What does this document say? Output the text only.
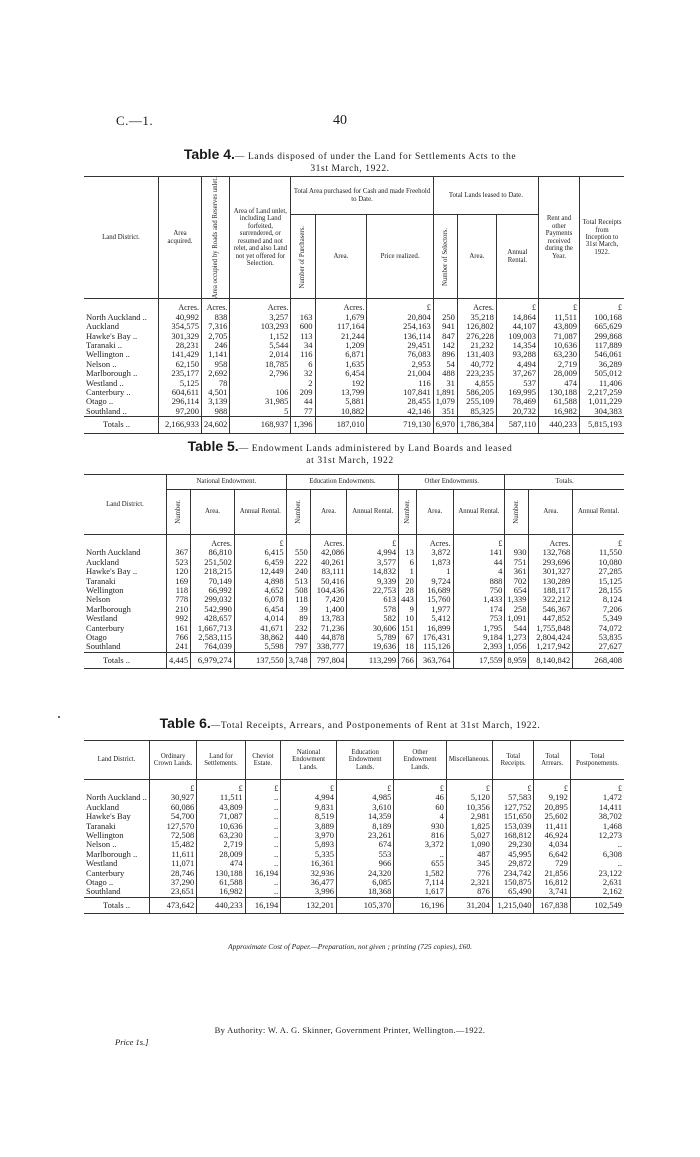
C.—1.	40
Table 4.— Lands disposed of under the Land for Settlements Acts to the
31st March, 1922.
Land District.	Area acquired.	Area occupied by Roads and Reserves unlet.	Area of Land unlet, including Land forfeited, surrendered, or resumed and not relet, and also Land not yet offered for Selection.	Total Area purchased for Cash and made Freehold to Date.			Total Lands leased to Date.			Rent and other Payments received during the Year.	Total Receipts from Inception to 31st March, 1922.

				Number of Purchasers.	Area.	Price realized.	Number of Selectors.	Area.	Annual Rental.		
	Acres.	Acres.	Acres.		Acres.	£		Acres.	£	£	£
North Auckland ..	40,992	838	3,257	163	1,679	20,804	250	35,218	14,864	11,511	100,168
Auckland	354,575	7,316	103,293	600	117,164	254,163	941	126,802	44,107	43,809	665,629
Hawke's Bay ..	301,329	2,705	1,152	113	21,244	136,114	847	276,228	109,003	71,087	299,868
Taranaki ..	28,231	246	5,544	34	1,209	29,451	142	21,232	14,354	10,636	117,889
Wellington ..	141,429	1,141	2,014	116	6,871	76,083	896	131,403	93,288	63,230	546,061
Nelson ..	62,150	958	18,785	6	1,635	2,953	54	40,772	4,494	2,719	36,289
Marlborough ..	235,177	2,692	2,796	32	6,454	21,004	488	223,235	37,267	28,009	505,012
Westland ..	5,125	78		2	192	116	31	4,855	537	474	11,406
Canterbury ..	604,611	4,501	106	209	13,799	107,841	1,891	586,205	169,995	130,188	2,217,259
Otago ..	296,114	3,139	31,985	44	5,881	28,455	1,079	255,109	78,469	61,588	1,011,229
Southland ..	97,200	988	5	77	10,882	42,146	351	85,325	20,732	16,982	304,383
  Totals ..	2,166,933	24,602	168,937	1,396	187,010	719,130	6,970	1,786,384	587,110	440,233	5,815,193
Table 5.— Endowment Lands administered by Land Boards and leased
at 31st March, 1922
Land District.	National Endowment.			Education Endowments.			Other Endowments.			Totals.		

	Number.	Area.	Annual Rental.	Number.	Area.	Annual Rental.	Number.	Area.	Annual Rental.	Number.	Area.	Annual Rental.
		Acres.	£		Acres.	£		Acres.	£		Acres.	£
North Auckland	367	86,810	6,415	550	42,086	4,994	13	3,872	141	930	132,768	11,550
Auckland	523	251,502	6,459	222	40,261	3,577	6	1,873	44	751	293,696	10,080
Hawke's Bay ..	120	218,215	12,449	240	83,111	14,832	1	1	4	361	301,327	27,285
Taranaki	169	70,149	4,898	513	50,416	9,339	20	9,724	888	702	130,289	15,125
Wellington	118	66,992	4,652	508	104,436	22,753	28	16,689	750	654	188,117	28,155
Nelson	778	299,032	6,078	118	7,420	613	443	15,760	1,433	1,339	322,212	8,124
Marlborough	210	542,990	6,454	39	1,400	578	9	1,977	174	258	546,367	7,206
Westland	992	428,657	4,014	89	13,783	582	10	5,412	753	1,091	447,852	5,349
Canterbury	161	1,667,713	41,671	232	71,236	30,606	151	16,899	1,795	544	1,755,848	74,072
Otago	766	2,583,115	38,862	440	44,878	5,789	67	176,431	9,184	1,273	2,804,424	53,835
Southland	241	764,039	5,598	797	338,777	19,636	18	115,126	2,393	1,056	1,217,942	27,627
  Totals ..	4,445	6,979,274	137,550	3,748	797,804	113,299	766	363,764	17,559	8,959	8,140,842	268,408
Table 6.—Total Receipts, Arrears, and Postponements of Rent at 31st March, 1922.
Land District.	Ordinary Crown Lands.	Land for Settlements.	Cheviot Estate.	National Endowment Lands.	Education Endowment Lands.	Other Endowment Lands.	Miscellaneous.	Total Receipts.	Total Arrears.	Total Postponements.
	£	£	£	£	£	£	£	£	£	£
North Auckland ..	30,927	11,511	..	4,994	4,985	46	5,120	57,583	9,192	1,472
Auckland	60,086	43,809	..	9,831	3,610	60	10,356	127,752	20,895	14,411
Hawke's Bay	54,700	71,087	..	8,519	14,359	4	2,981	151,650	25,602	38,702
Taranaki	127,570	10,636	..	3,889	8,189	930	1,825	153,039	11,411	1,468
Wellington	72,508	63,230	..	3,970	23,261	816	5,027	168,812	46,924	12,273
Nelson ..	15,482	2,719	..	5,893	674	3,372	1,090	29,230	4,034	..
Marlborough ..	11,611	28,009	..	5,335	553	..	487	45,995	6,642	6,308
Westland	11,071	474	..	16,361	966	655	345	29,872	729	..
Canterbury	28,746	130,188	16,194	32,936	24,320	1,582	776	234,742	21,856	23,122
Otago ..	37,290	61,588	..	36,477	6,085	7,114	2,321	150,875	16,812	2,631
Southland	23,651	16,982	..	3,996	18,368	1,617	876	65,490	3,741	2,162
  Totals ..	473,642	440,233	16,194	132,201	105,370	16,196	31,204	1,215,040	167,838	102,549
Approximate Cost of Paper.—Preparation, not given ; printing (725 copies), £60.
By Authority: W. A. G. Skinner, Government Printer, Wellington.—1922.
Price 1s.]
